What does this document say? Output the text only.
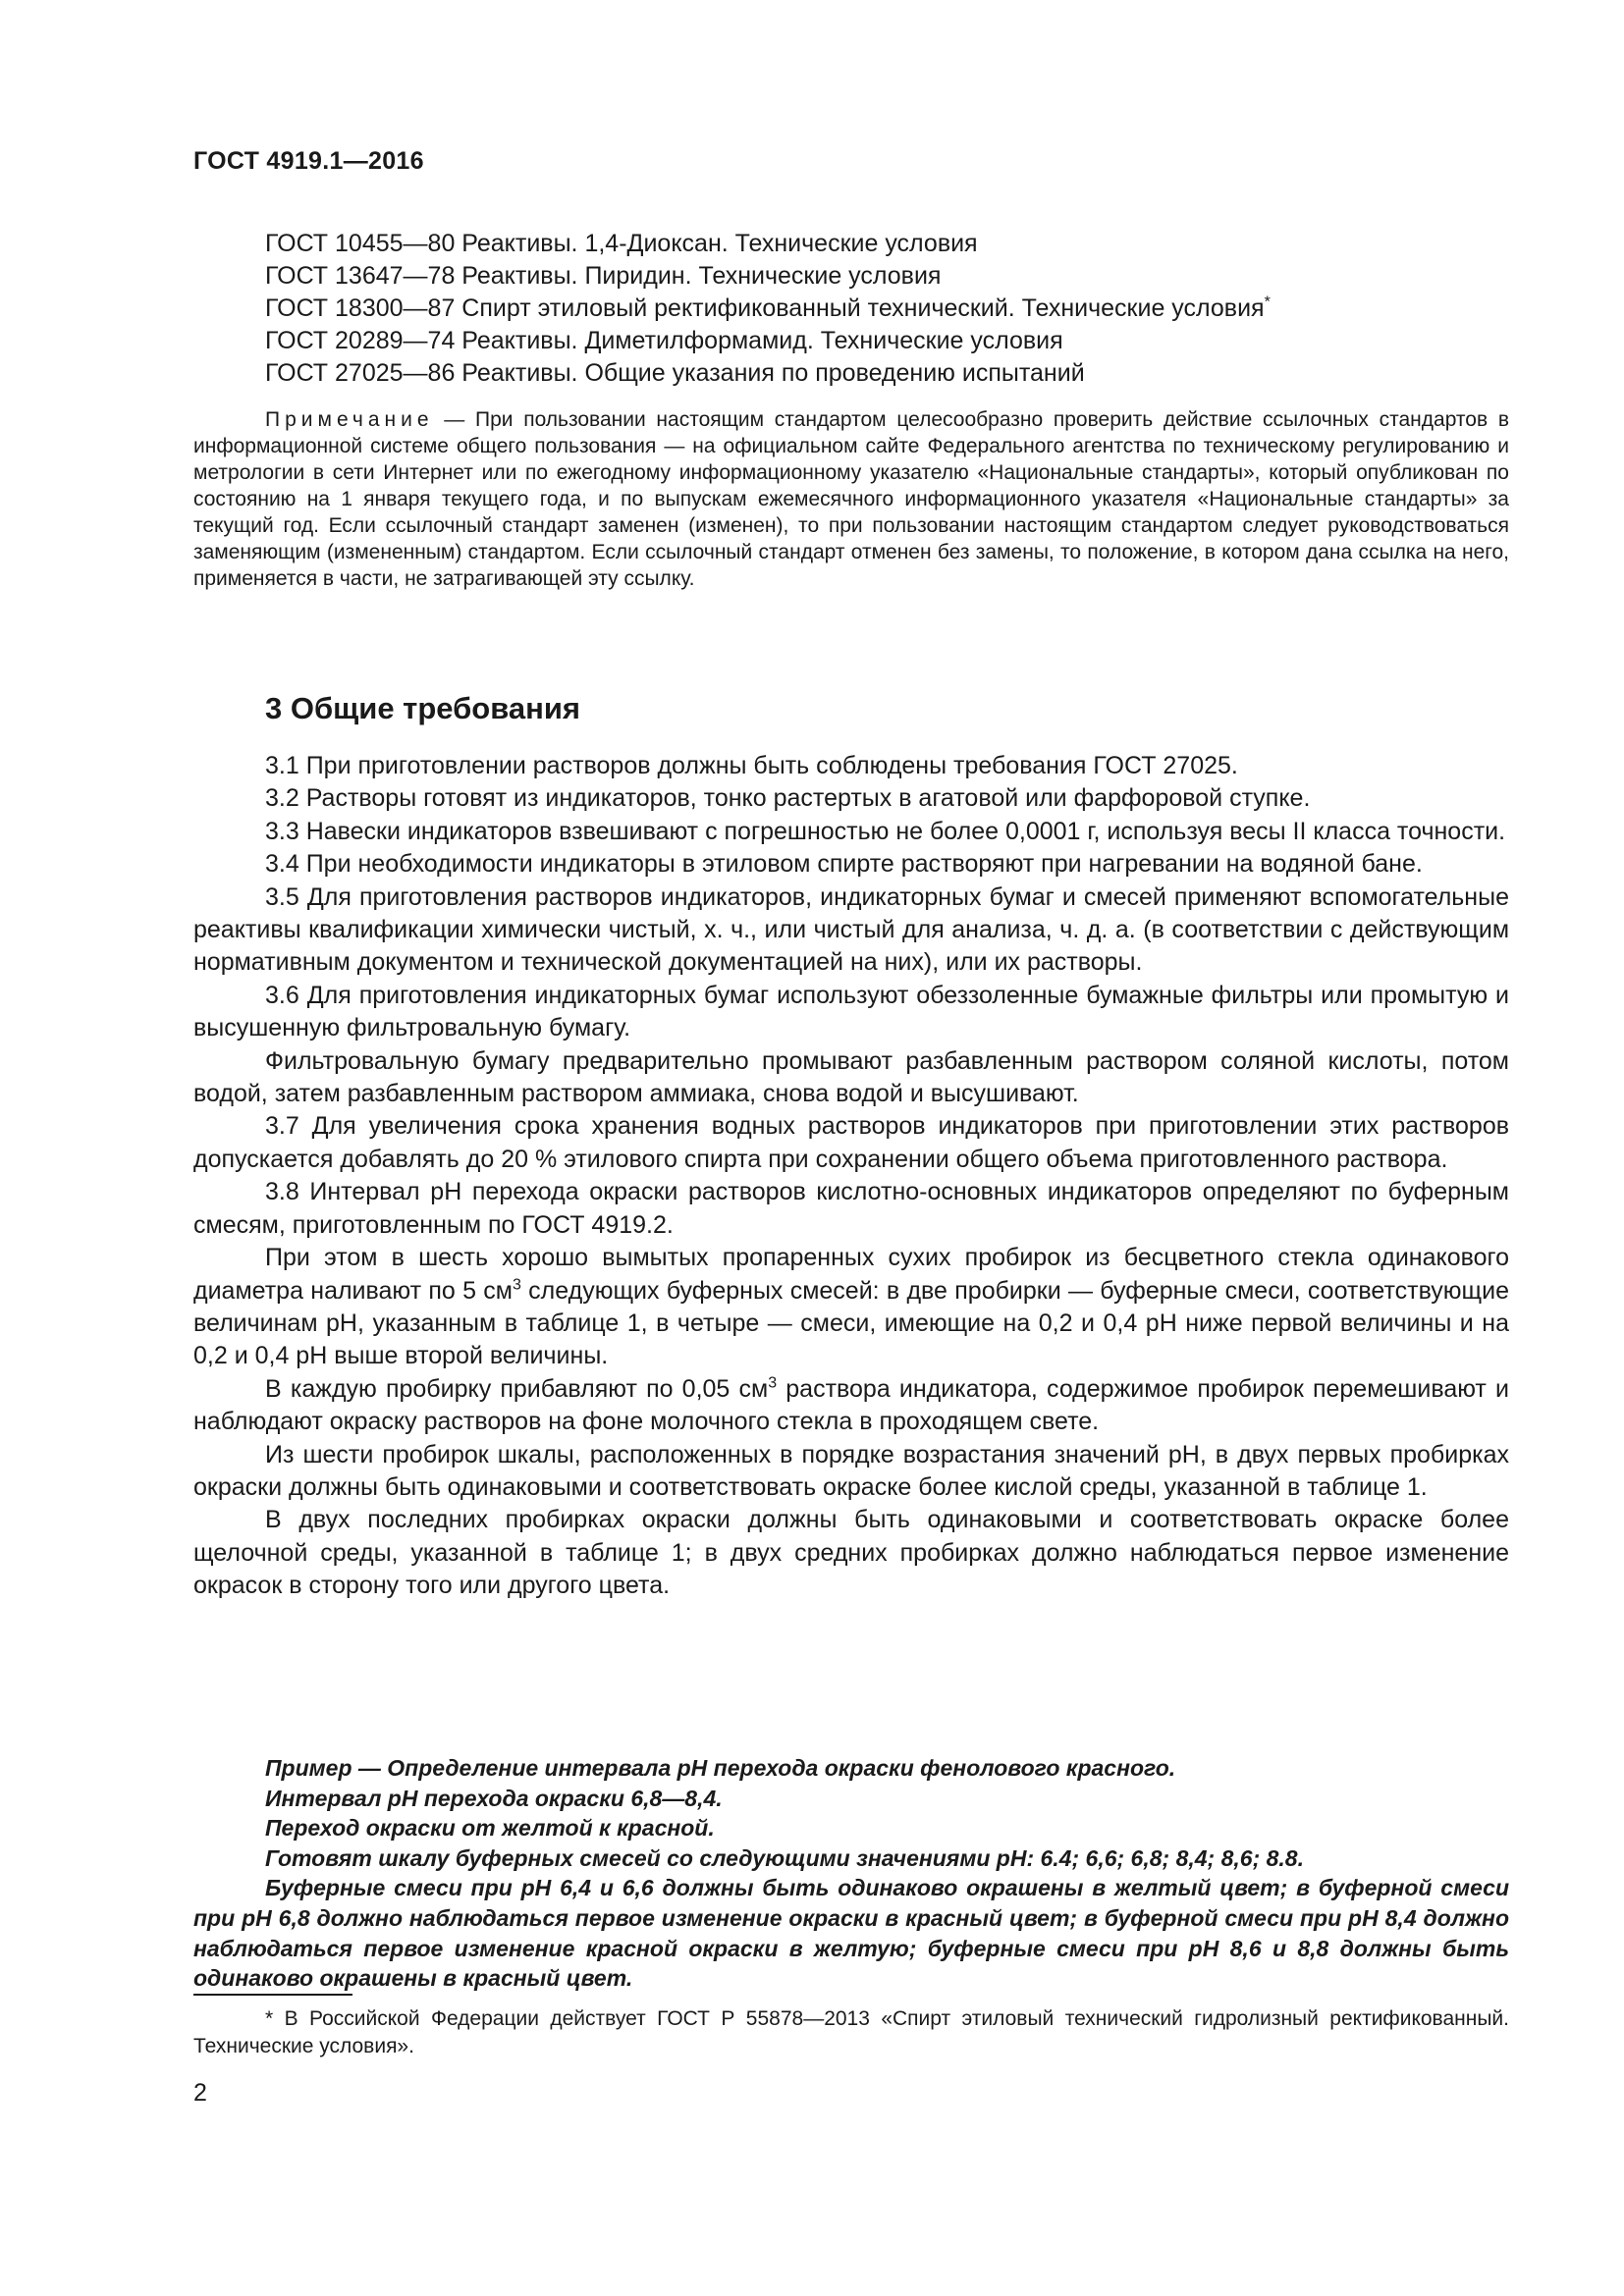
ГОСТ 4919.1—2016
ГОСТ 10455—80 Реактивы. 1,4-Диоксан. Технические условия
ГОСТ 13647—78 Реактивы. Пиридин. Технические условия
ГОСТ 18300—87 Спирт этиловый ректификованный технический. Технические условия*
ГОСТ 20289—74 Реактивы. Диметилформамид. Технические условия
ГОСТ 27025—86 Реактивы. Общие указания по проведению испытаний
Примечание — При пользовании настоящим стандартом целесообразно проверить действие ссылочных стандартов в информационной системе общего пользования — на официальном сайте Федерального агентства по техническому регулированию и метрологии в сети Интернет или по ежегодному информационному указателю «Национальные стандарты», который опубликован по состоянию на 1 января текущего года, и по выпускам ежемесячного информационного указателя «Национальные стандарты» за текущий год. Если ссылочный стандарт заменен (изменен), то при пользовании настоящим стандартом следует руководствоваться заменяющим (измененным) стандартом. Если ссылочный стандарт отменен без замены, то положение, в котором дана ссылка на него, применяется в части, не затрагивающей эту ссылку.
3 Общие требования

3.1 При приготовлении растворов должны быть соблюдены требования ГОСТ 27025.

3.2 Растворы готовят из индикаторов, тонко растертых в агатовой или фарфоровой ступке.

3.3 Навески индикаторов взвешивают с погрешностью не более 0,0001 г, используя весы II класса точности.

3.4 При необходимости индикаторы в этиловом спирте растворяют при нагревании на водяной бане.

3.5 Для приготовления растворов индикаторов, индикаторных бумаг и смесей применяют вспомогательные реактивы квалификации химически чистый, х. ч., или чистый для анализа, ч. д. а. (в соответствии с действующим нормативным документом и технической документацией на них), или их растворы.

3.6 Для приготовления индикаторных бумаг используют обеззоленные бумажные фильтры или промытую и высушенную фильтровальную бумагу.

Фильтровальную бумагу предварительно промывают разбавленным раствором соляной кислоты, потом водой, затем разбавленным раствором аммиака, снова водой и высушивают.

3.7 Для увеличения срока хранения водных растворов индикаторов при приготовлении этих растворов допускается добавлять до 20 % этилового спирта при сохранении общего объема приготовленного раствора.

3.8 Интервал рН перехода окраски растворов кислотно-основных индикаторов определяют по буферным смесям, приготовленным по ГОСТ 4919.2.

При этом в шесть хорошо вымытых пропаренных сухих пробирок из бесцветного стекла одинакового диаметра наливают по 5 $см^3$ следующих буферных смесей: в две пробирки — буферные смеси, соответствующие величинам рН, указанным в таблице 1, в четыре — смеси, имеющие на 0,2 и 0,4 рН ниже первой величины и на 0,2 и 0,4 рН выше второй величины.

В каждую пробирку прибавляют по 0,05 $см^3$ раствора индикатора, содержимое пробирок перемешивают и наблюдают окраску растворов на фоне молочного стекла в проходящем свете.

Из шести пробирок шкалы, расположенных в порядке возрастания значений рН, в двух первых пробирках окраски должны быть одинаковыми и соответствовать окраске более кислой среды, указанной в таблице 1.

В двух последних пробирках окраски должны быть одинаковыми и соответствовать окраске более щелочной среды, указанной в таблице 1; в двух средних пробирках должно наблюдаться первое изменение окрасок в сторону того или другого цвета.

Пример — Определение интервала рН перехода окраски фенолового красного.

Интервал рН перехода окраски 6,8—8,4.

Переход окраски от желтой к красной.

Готовят шкалу буферных смесей со следующими значениями рН: 6.4; 6,6; 6,8; 8,4; 8,6; 8.8.

Буферные смеси при рН 6,4 и 6,6 должны быть одинаково окрашены в желтый цвет; в буферной смеси при рН 6,8 должно наблюдаться первое изменение окраски в красный цвет; в буферной смеси при рН 8,4 должно наблюдаться первое изменение красной окраски в желтую; буферные смеси при рН 8,6 и 8,8 должны быть одинаково окрашены в красный цвет.

* В Российской Федерации действует ГОСТ Р 55878—2013 «Спирт этиловый технический гидролизный ректификованный. Технические условия».

2
